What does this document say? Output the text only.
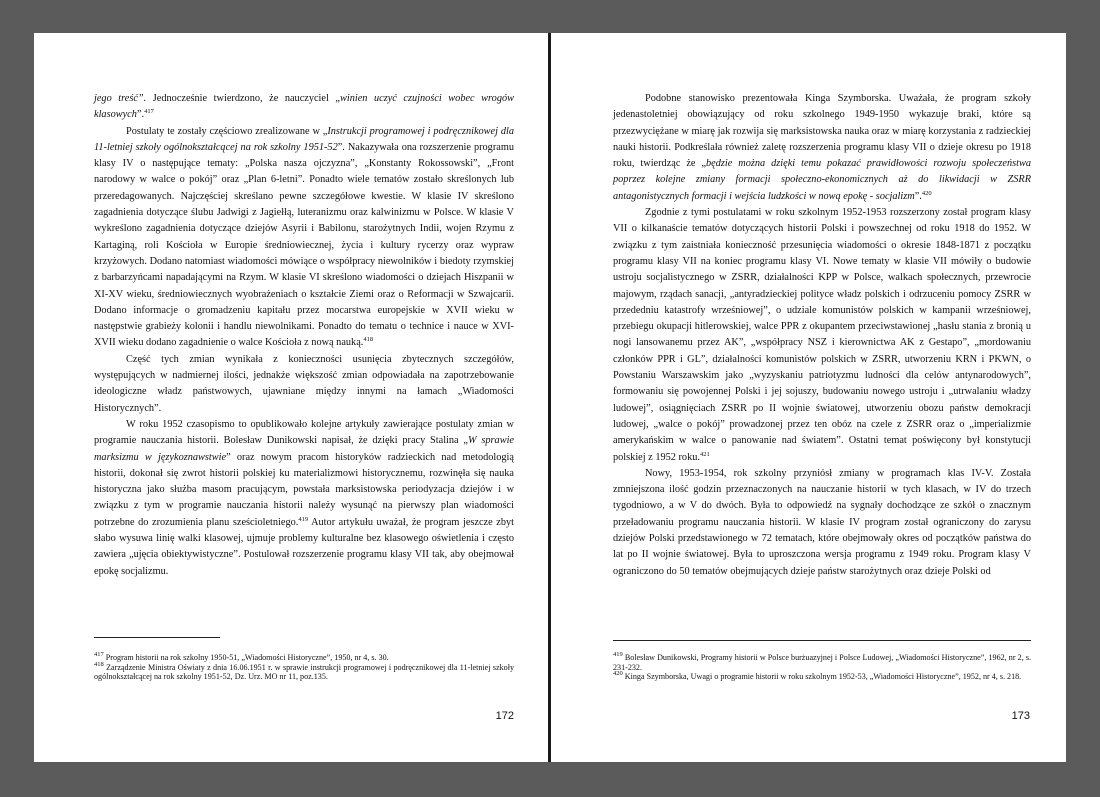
jego treść”. Jednocześnie twierdzono, że nauczyciel „winien uczyć czujności wobec wrogów klasowych”.$^{417}$

Postulaty te zostały częściowo zrealizowane w „Instrukcji programowej i podręcznikowej dla 11-letniej szkoły ogólnokształcącej na rok szkolny 1951-52”. Nakazywała ona rozszerzenie programu klasy IV o następujące tematy: „Polska nasza ojczyzna”, „Konstanty Rokossowski”, „Front narodowy w walce o pokój” oraz „Plan 6-letni”. Ponadto wiele tematów zostało skreślonych lub przeredagowanych. Najczęściej skreślano pewne szczegółowe kwestie. W klasie IV skreślono zagadnienia dotyczące ślubu Jadwigi z Jagiełłą, luteranizmu oraz kalwinizmu w Polsce. W klasie V wykreślono zagadnienia dotyczące dziejów Asyrii i Babilonu, starożytnych Indii, wojen Rzymu z Kartaginą, roli Kościoła w Europie średniowiecznej, życia i kultury rycerzy oraz wypraw krzyżowych. Dodano natomiast wiadomości mówiące o współpracy niewolników i biedoty rzymskiej z barbarzyńcami napadającymi na Rzym. W klasie VI skreślono wiadomości o dziejach Hiszpanii w XI-XV wieku, średniowiecznych wyobrażeniach o kształcie Ziemi oraz o Reformacji w Szwajcarii. Dodano informacje o gromadzeniu kapitału przez mocarstwa europejskie w XVII wieku w następstwie grabieży kolonii i handlu niewolnikami. Ponadto do tematu o technice i nauce w XVI-XVII wieku dodano zagadnienie o walce Kościoła z nową nauką.$^{418}$

Część tych zmian wynikała z konieczności usunięcia zbytecznych szczegółów, występujących w nadmiernej ilości, jednakże większość zmian odpowiadała na zapotrzebowanie ideologiczne władz państwowych, ujawniane między innymi na łamach „Wiadomości Historycznych”.

W roku 1952 czasopismo to opublikowało kolejne artykuły zawierające postulaty zmian w programie nauczania historii. Bolesław Dunikowski napisał, że dzięki pracy Stalina „W sprawie marksizmu w językoznawstwie” oraz nowym pracom historyków radzieckich nad metodologią historii, dokonał się zwrot historii polskiej ku materializmowi historycznemu, rozwinęła się nauka historyczna jako służba masom pracującym, powstała marksistowska periodyzacja dziejów i w związku z tym w programie nauczania historii należy wysunąć na pierwszy plan wiadomości potrzebne do zrozumienia planu sześcioletniego.$^{419}$ Autor artykułu uważał, że program jeszcze zbyt słabo wysuwa linię walki klasowej, ujmuje problemy kulturalne bez klasowego oświetlenia i często zawiera „ujęcia obiektywistyczne”. Postulował rozszerzenie programu klasy VII tak, aby obejmował epokę socjalizmu.

$^{417}$ Program historii na rok szkolny 1950-51, „Wiadomości Historyczne”, 1950, nr 4, s. 30.

$^{418}$ Zarządzenie Ministra Oświaty z dnia 16.06.1951 r. w sprawie instrukcji programowej i podręcznikowej dla 11-letniej szkoły ogólnokształcącej na rok szkolny 1951-52, Dz. Urz. MO nr 11, poz.135.

172

Podobne stanowisko prezentowała Kinga Szymborska. Uważała, że program szkoły jedenastoletniej obowiązujący od roku szkolnego 1949-1950 wykazuje braki, które są przezwyciężane w miarę jak rozwija się marksistowska nauka oraz w miarę korzystania z radzieckiej nauki historii. Podkreślała również zaletę rozszerzenia programu klasy VII o dzieje okresu po 1918 roku, twierdząc że „będzie można dzięki temu pokazać prawidłowości rozwoju społeczeństwa poprzez kolejne zmiany formacji społeczno-ekonomicznych aż do likwidacji w ZSRR antagonistycznych formacji i wejścia ludzkości w nową epokę - socjalizm”.$^{420}$

Zgodnie z tymi postulatami w roku szkolnym 1952-1953 rozszerzony został program klasy VII o kilkanaście tematów dotyczących historii Polski i powszechnej od roku 1918 do 1952. W związku z tym zaistniała konieczność przesunięcia wiadomości o okresie 1848-1871 z początku programu klasy VII na koniec programu klasy VI. Nowe tematy w klasie VII mówiły o budowie ustroju socjalistycznego w ZSRR, działalności KPP w Polsce, walkach społecznych, przewrocie majowym, rządach sanacji, „antyradzieckiej polityce władz polskich i odrzuceniu pomocy ZSRR w przededniu katastrofy wrześniowej”, o udziale komunistów polskich w kampanii wrześniowej, przebiegu okupacji hitlerowskiej, walce PPR z okupantem przeciwstawionej „hasłu stania z bronią u nogi lansowanemu przez AK”, „współpracy NSZ i kierownictwa AK z Gestapo”, „mordowaniu członków PPR i GL”, działalności komunistów polskich w ZSRR, utworzeniu KRN i PKWN, o Powstaniu Warszawskim jako „wyzyskaniu patriotyzmu ludności dla celów antynarodowych”, formowaniu się powojennej Polski i jej sojuszy, budowaniu nowego ustroju i „utrwalaniu władzy ludowej”, osiągnięciach ZSRR po II wojnie światowej, utworzeniu obozu państw demokracji ludowej, „walce o pokój” prowadzonej przez ten obóz na czele z ZSRR oraz o „imperializmie amerykańskim w walce o panowanie nad światem”. Ostatni temat poświęcony był konstytucji polskiej z 1952 roku.$^{421}$

Nowy, 1953-1954, rok szkolny przyniósł zmiany w programach klas IV-V. Została zmniejszona ilość godzin przeznaczonych na nauczanie historii w tych klasach, w IV do trzech tygodniowo, a w V do dwóch. Była to odpowiedź na sygnały dochodzące ze szkół o znacznym przeładowaniu programu nauczania historii. W klasie IV program został ograniczony do zarysu dziejów Polski przedstawionego w 72 tematach, które obejmowały okres od początków państwa do lat po II wojnie światowej. Była to uproszczona wersja programu z 1949 roku. Program klasy V ograniczono do 50 tematów obejmujących dzieje państw starożytnych oraz dzieje Polski od

$^{419}$ Bolesław Dunikowski, Programy historii w Polsce burżuazyjnej i Polsce Ludowej, „Wiadomości Historyczne”, 1962, nr 2, s. 231-232.

$^{420}$ Kinga Szymborska, Uwagi o programie historii w roku szkolnym 1952-53, „Wiadomości Historyczne”, 1952, nr 4, s. 218.

173
